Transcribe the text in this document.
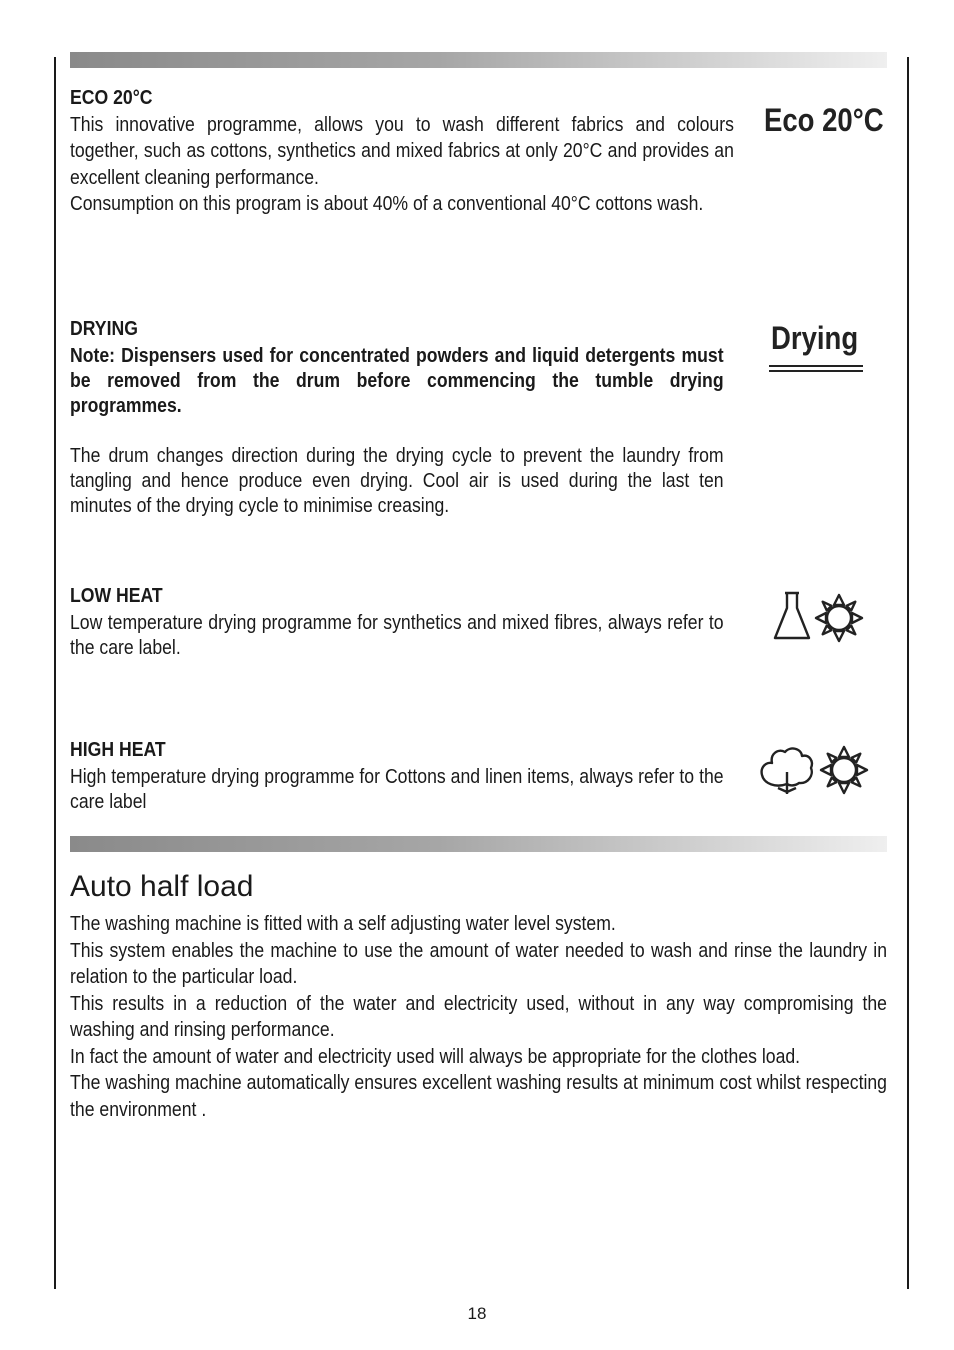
ECO 20°C

This innovative programme, allows you to wash different fabrics and colours together, such as cottons, synthetics and mixed fabrics at only 20°C and provides an excellent cleaning performance.

Consumption on this program is about 40% of a conventional 40°C cottons wash.

Eco 20°C
DRYING

Note: Dispensers used for concentrated powders and liquid detergents must be removed from the drum before commencing the tumble drying programmes.

The drum changes direction during the drying cycle to prevent the laundry from tangling and hence produce even drying. Cool air is used during the last ten minutes of the drying cycle to minimise creasing.

Drying
LOW HEAT

Low temperature drying programme for synthetics and mixed fibres, always refer to the care label.

HIGH HEAT

High temperature drying programme for Cottons and linen items, always refer to the care label

Auto half load

The washing machine is fitted with a self adjusting water level system.

This system enables the machine to use the amount of water needed to wash and rinse the laundry in relation to the particular load.

This results in a reduction of the water and electricity used, without in any way compromising the washing and rinsing performance.

In fact the amount of water and electricity used will always be appropriate for the clothes load.

The washing machine automatically ensures excellent washing results at minimum cost whilst respecting the environment .

18
